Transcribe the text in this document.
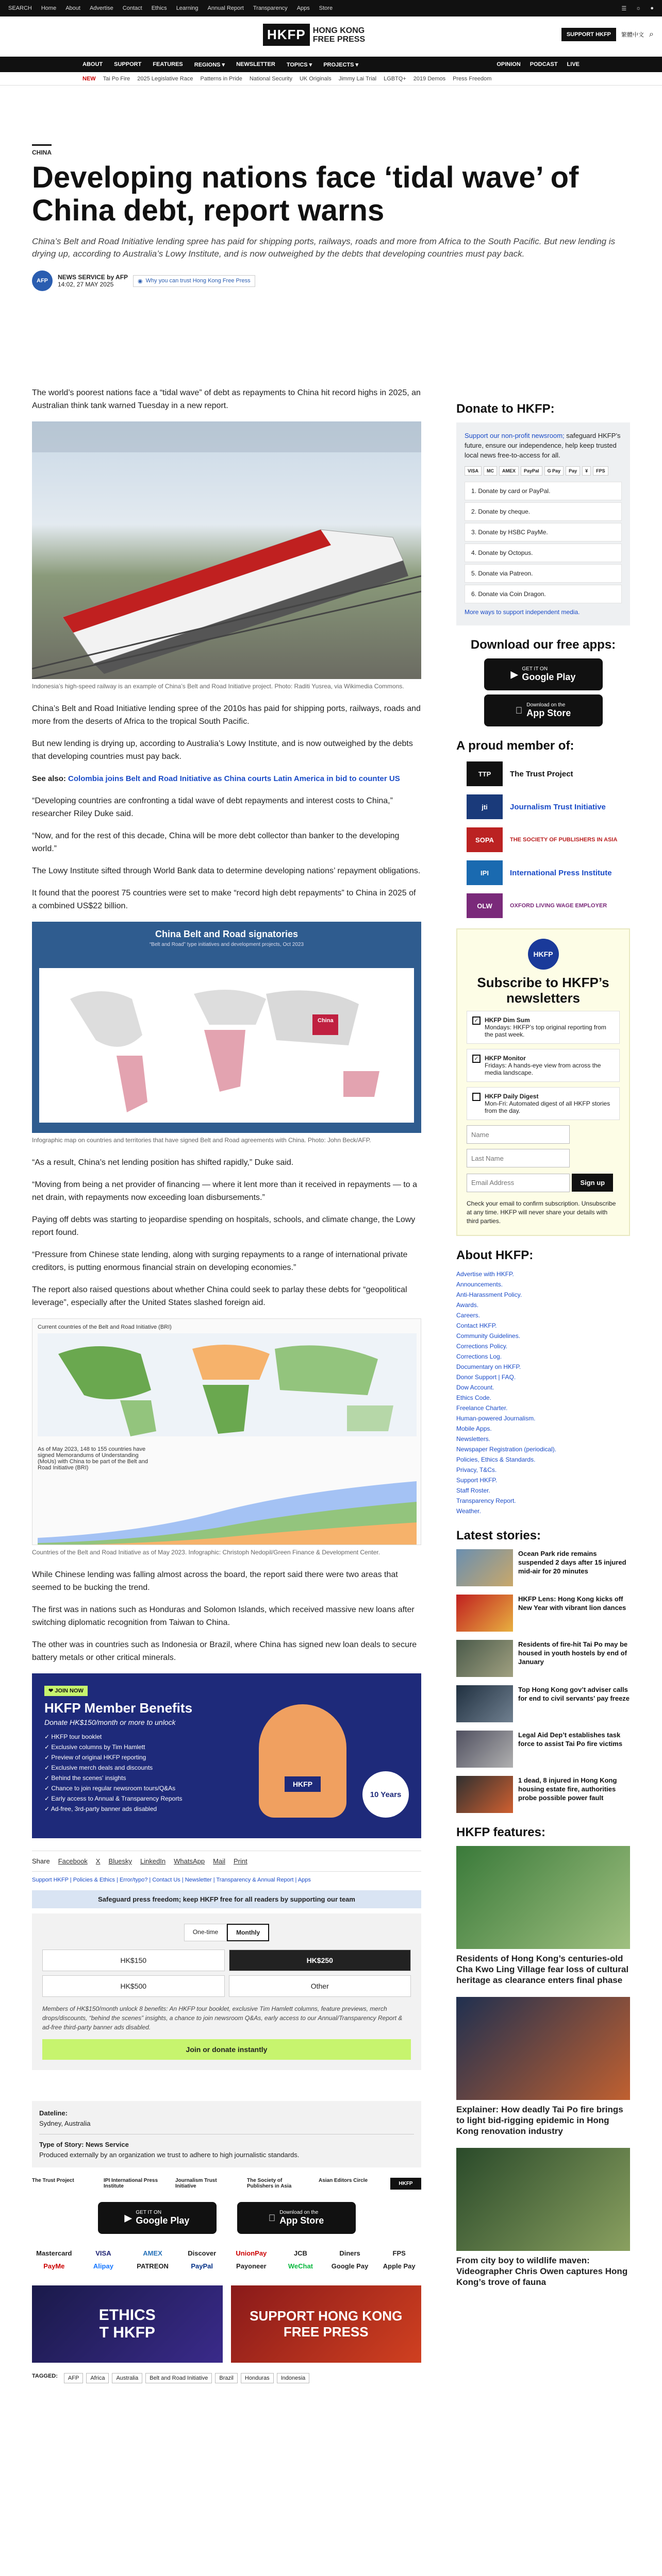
SEARCH Home About Advertise Contact Ethics Learning Annual Report Transparency Apps Store	☰ ☼ ●
HKFP HONG KONG
FREE PRESS
SUPPORT HKFP	繁體中文 ⌕
ABOUT SUPPORT FEATURES REGIONS ▾ NEWSLETTER TOPICS ▾ PROJECTS ▾	OPINION PODCAST LIVE
NEW Tai Po Fire 2025 Legislative Race Patterns in Pride National Security UK Originals Jimmy Lai Trial LGBTQ+ 2019 Demos Press Freedom
CHINA
Developing nations face ‘tidal wave’ of China debt, report warns
China’s Belt and Road Initiative lending spree has paid for shipping ports, railways, roads and more from Africa to the South Pacific. But new lending is drying up, according to Australia’s Lowy Institute, and is now outweighed by the debts that developing countries must pay back.
AFP	NEWS SERVICE by AFP
14:02, 27 MAY 2025	◉ Why you can trust Hong Kong Free Press

The world’s poorest nations face a “tidal wave” of debt as repayments to China hit record highs in 2025, an Australian think tank warned Tuesday in a new report.

Indonesia’s high-speed railway is an example of China’s Belt and Road Initiative project. Photo: Raditi Yusrea, via Wikimedia Commons.

China’s Belt and Road Initiative lending spree of the 2010s has paid for shipping ports, railways, roads and more from the deserts of Africa to the tropical South Pacific.

But new lending is drying up, according to Australia’s Lowy Institute, and is now outweighed by the debts that developing countries must pay back.

See also: Colombia joins Belt and Road Initiative as China courts Latin America in bid to counter US

“Developing countries are confronting a tidal wave of debt repayments and interest costs to China,” researcher Riley Duke said.

“Now, and for the rest of this decade, China will be more debt collector than banker to the developing world.”

The Lowy Institute sifted through World Bank data to determine developing nations’ repayment obligations.

It found that the poorest 75 countries were set to make “record high debt repayments” to China in 2025 of a combined US$22 billion.

China Belt and Road signatories
“Belt and Road” type initiatives and development projects, Oct 2023
China
Infographic map on countries and territories that have signed Belt and Road agreements with China. Photo: John Beck/AFP.

“As a result, China’s net lending position has shifted rapidly,” Duke said.

“Moving from being a net provider of financing — where it lent more than it received in repayments — to a net drain, with repayments now exceeding loan disbursements.”

Paying off debts was starting to jeopardise spending on hospitals, schools, and climate change, the Lowy report found.

“Pressure from Chinese state lending, along with surging repayments to a range of international private creditors, is putting enormous financial strain on developing economies.”

The report also raised questions about whether China could seek to parlay these debts for “geopolitical leverage”, especially after the United States slashed foreign aid.

Current countries of the Belt and Road Initiative (BRI)
As of May 2023, 148 to 155 countries have signed Memorandums of Understanding (MoUs) with China to be part of the Belt and Road Initiative (BRI)
Countries of the Belt and Road Initiative as of May 2023. Infographic: Christoph Nedopil/Green Finance & Development Center.

While Chinese lending was falling almost across the board, the report said there were two areas that seemed to be bucking the trend.

The first was in nations such as Honduras and Solomon Islands, which received massive new loans after switching diplomatic recognition from Taiwan to China.

The other was in countries such as Indonesia or Brazil, where China has signed new loan deals to secure battery metals or other critical minerals.

❤ JOIN NOW
HKFP Member Benefits
Donate HK$150/month or more to unlock
✓ HKFP tour booklet
✓ Exclusive columns by Tim Hamlett
✓ Preview of original HKFP reporting
✓ Exclusive merch deals and discounts
✓ Behind the scenes' insights
✓ Chance to join regular newsroom tours/Q&As
✓ Early access to Annual & Transparency Reports
✓ Ad-free, 3rd-party banner ads disabled
HKFP
10 Years
Share Facebook X Bluesky LinkedIn WhatsApp Mail Print
Support HKFP | Policies & Ethics | Error/typo? | Contact Us | Newsletter | Transparency & Annual Report | Apps
Safeguard press freedom; keep HKFP free for all readers by supporting our team
One-time	Monthly
HK$150	HK$250
HK$500	Other
Members of HK$150/month unlock 8 benefits: An HKFP tour booklet, exclusive Tim Hamlett columns, feature previews, merch drops/discounts, “behind the scenes” insights, a chance to join newsroom Q&As, early access to our Annual/Transparency Report & ad-free third-party banner ads disabled.
Join or donate instantly
Dateline:
Sydney, Australia
Type of Story: News Service
Produced externally by an organization we trust to adhere to high journalistic standards.
The Trust Project	IPI International Press Institute
Journalism Trust Initiative
The Society of Publishers in Asia
Asian Editors Circle
HKFP
▶ GET IT ON
Google Play
Download on the
App Store
Mastercard	VISA	AMEX	Discover	UnionPay	JCB	Diners	FPS
PayMe	Alipay	PATREON	PayPal	Payoneer	WeChat	Google Pay	Apple Pay
ETHICS
T HKFP
SUPPORT HONG KONG
FREE PRESS
TAGGED:	AFP	Africa	Australia	Belt and Road Initiative	Brazil	Honduras	Indonesia
Donate to HKFP:
Support our non-profit newsroom; safeguard HKFP’s future, ensure our independence, help keep trusted local news free-to-access for all.
VISA	MC	AMEX	PayPal	G Pay	Pay	¥	FPS
1. Donate by card or PayPal.
2. Donate by cheque.
3. Donate by HSBC PayMe.
4. Donate by Octopus.
5. Donate via Patreon.
6. Donate via Coin Dragon.
More ways to support independent media.
Download our free apps:
▶ GET IT ON
Google Play
Download on the
App Store
A proud member of:
TTP	The Trust Project
jti	Journalism Trust Initiative
SOPA	THE SOCIETY OF PUBLISHERS IN ASIA
IPI	International Press Institute
OLW	OXFORD LIVING WAGE EMPLOYER
HKFP
Subscribe to HKFP’s newsletters
✓ HKFP Dim Sum
Mondays: HKFP’s top original reporting from the past week.
✓ HKFP Monitor
Fridays: A hands-eye view from across the media landscape.
HKFP Daily Digest
Mon-Fri: Automated digest of all HKFP stories from the day.
Name Last Name Email Address Sign up
Check your email to confirm subscription. Unsubscribe at any time. HKFP will never share your details with third parties.
About HKFP:
Advertise with HKFP.
Announcements.
Anti-Harassment Policy.
Awards.
Careers.
Contact HKFP.
Community Guidelines.
Corrections Policy.
Corrections Log.
Documentary on HKFP.
Donor Support | FAQ.
Dow Account.
Ethics Code.
Freelance Charter.
Human-powered Journalism.
Mobile Apps.
Newsletters.
Newspaper Registration (periodical).
Policies, Ethics & Standards.
Privacy, T&Cs.
Support HKFP.
Staff Roster.
Transparency Report.
Weather.
Latest stories:
Ocean Park ride remains suspended 2 days after 15 injured mid-air for 20 minutes
HKFP Lens: Hong Kong kicks off New Year with vibrant lion dances
Residents of fire-hit Tai Po may be housed in youth hostels by end of January
Top Hong Kong gov’t adviser calls for end to civil servants’ pay freeze
Legal Aid Dep’t establishes task force to assist Tai Po fire victims
1 dead, 8 injured in Hong Kong housing estate fire, authorities probe possible power fault
HKFP features:
Residents of Hong Kong’s centuries-old Cha Kwo Ling Village fear loss of cultural heritage as clearance enters final phase
Explainer: How deadly Tai Po fire brings to light bid-rigging epidemic in Hong Kong renovation industry
From city boy to wildlife maven: Videographer Chris Owen captures Hong Kong’s trove of fauna
